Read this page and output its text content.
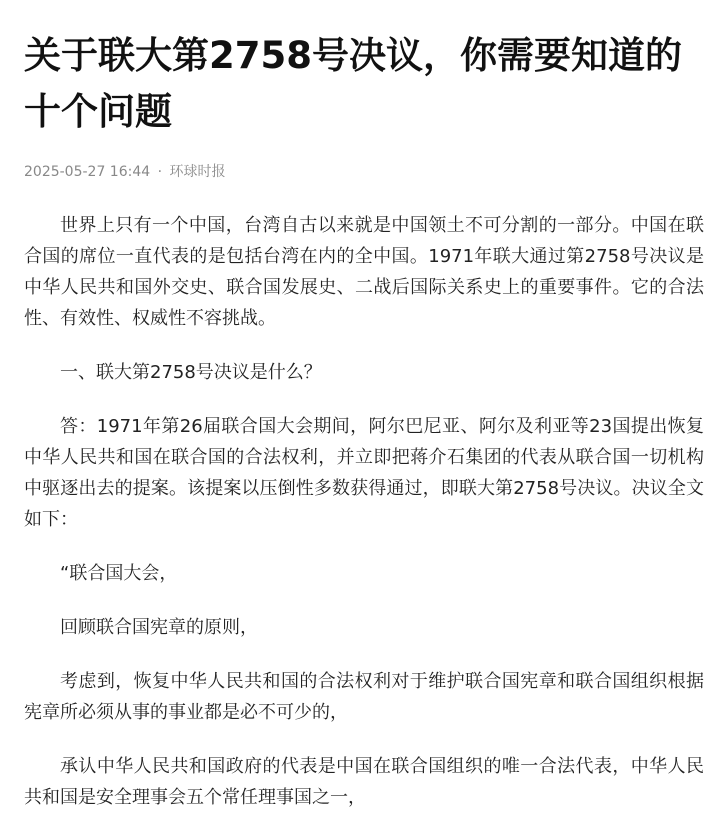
关于联大第2758号决议，你需要知道的十个问题
2025-05-27 16:44 · 环球时报

世界上只有一个中国，台湾自古以来就是中国领土不可分割的一部分。中国在联合国的席位一直代表的是包括台湾在内的全中国。1971年联大通过第2758号决议是中华人民共和国外交史、联合国发展史、二战后国际关系史上的重要事件。它的合法性、有效性、权威性不容挑战。

一、联大第2758号决议是什么？

答：1971年第26届联合国大会期间，阿尔巴尼亚、阿尔及利亚等23国提出恢复中华人民共和国在联合国的合法权利，并立即把蒋介石集团的代表从联合国一切机构中驱逐出去的提案。该提案以压倒性多数获得通过，即联大第2758号决议。决议全文如下：

“联合国大会，

回顾联合国宪章的原则，

考虑到，恢复中华人民共和国的合法权利对于维护联合国宪章和联合国组织根据宪章所必须从事的事业都是必不可少的，

承认中华人民共和国政府的代表是中国在联合国组织的唯一合法代表，中华人民共和国是安全理事会五个常任理事国之一，
